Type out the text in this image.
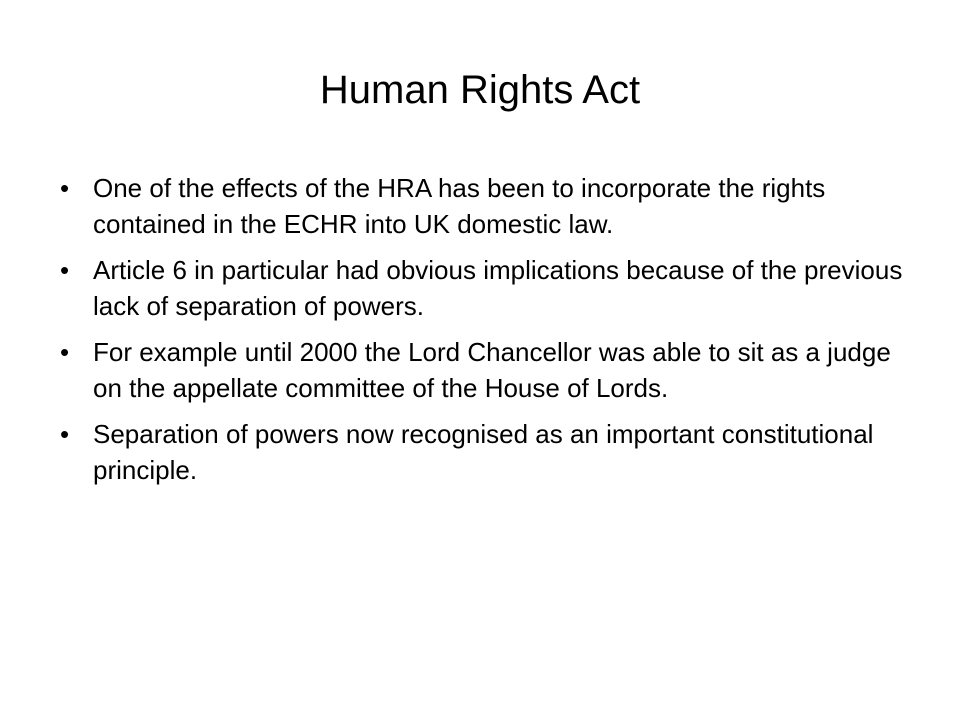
Human Rights Act
• One of the effects of the HRA has been to incorporate the rights contained in the ECHR into UK domestic law.
• Article 6 in particular had obvious implications because of the previous lack of separation of powers.
• For example until 2000 the Lord Chancellor was able to sit as a judge on the appellate committee of the House of Lords.
• Separation of powers now recognised as an important constitutional principle.
